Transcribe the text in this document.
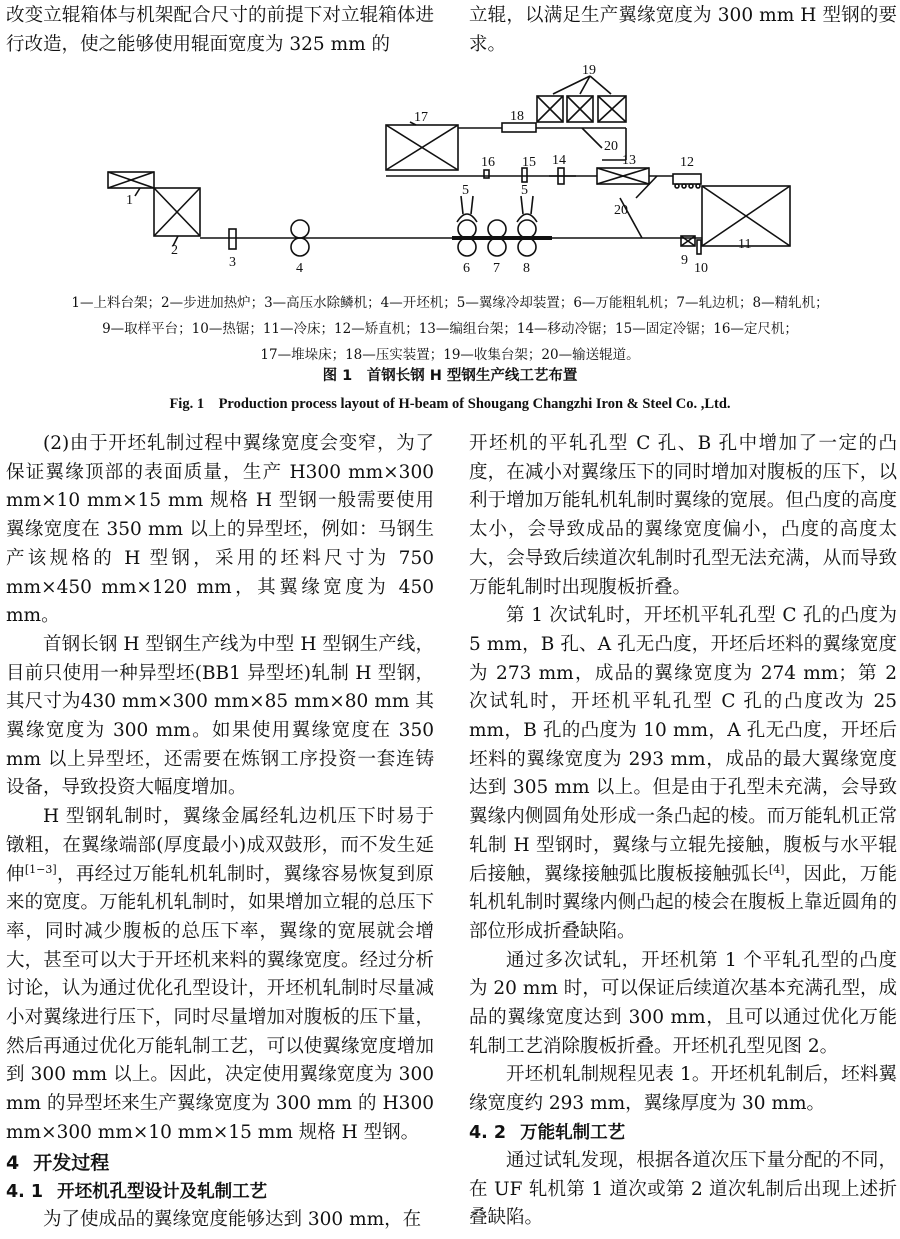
改变立辊箱体与机架配合尺寸的前提下对立辊箱体进行改造，使之能够使用辊面宽度为 325 mm 的

立辊，以满足生产翼缘宽度为 300 mm H 型钢的要求。

1
2
3	4	6 7 8
5	5
15
16	14	13	12
20
20
11
9
10
17	18
19
1—上料台架；2—步进加热炉；3—高压水除鳞机；4—开坯机；5—翼缘冷却装置；6—万能粗轧机；7—轧边机；8—精轧机；
9—取样平台；10—热锯；11—冷床；12—矫直机；13—编组台架；14—移动冷锯；15—固定冷锯；16—定尺机；
17—堆垛床；18—压实装置；19—收集台架；20—输送辊道。
图 1　首钢长钢 H 型钢生产线工艺布置
Fig. 1　Production process layout of H-beam of Shougang Changzhi Iron & Steel Co. ,Ltd.

(2)由于开坯轧制过程中翼缘宽度会变窄，为了保证翼缘顶部的表面质量，生产 H300 mm×300 mm×10 mm×15 mm 规格 H 型钢一般需要使用翼缘宽度在 350 mm 以上的异型坯，例如：马钢生产该规格的 H 型钢，采用的坯料尺寸为 750 mm×450 mm×120 mm，其翼缘宽度为 450 mm。

首钢长钢 H 型钢生产线为中型 H 型钢生产线，目前只使用一种异型坯(BB1 异型坯)轧制 H 型钢，其尺寸为430 mm×300 mm×85 mm×80 mm 其翼缘宽度为 300 mm。如果使用翼缘宽度在 350 mm 以上异型坯，还需要在炼钢工序投资一套连铸设备，导致投资大幅度增加。

H 型钢轧制时，翼缘金属经轧边机压下时易于镦粗，在翼缘端部(厚度最小)成双鼓形，而不发生延伸[1−3]，再经过万能轧机轧制时，翼缘容易恢复到原来的宽度。万能轧机轧制时，如果增加立辊的总压下率，同时减少腹板的总压下率，翼缘的宽展就会增大，甚至可以大于开坯机来料的翼缘宽度。经过分析讨论，认为通过优化孔型设计，开坯机轧制时尽量减小对翼缘进行压下，同时尽量增加对腹板的压下量，然后再通过优化万能轧制工艺，可以使翼缘宽度增加到 300 mm 以上。因此，决定使用翼缘宽度为 300 mm 的异型坯来生产翼缘宽度为 300 mm 的 H300 mm×300 mm×10 mm×15 mm 规格 H 型钢。

4 开发过程
4. 1 开坯机孔型设计及轧制工艺

为了使成品的翼缘宽度能够达到 300 mm，在

开坯机的平轧孔型 C 孔、B 孔中增加了一定的凸度，在减小对翼缘压下的同时增加对腹板的压下，以利于增加万能轧机轧制时翼缘的宽展。但凸度的高度太小，会导致成品的翼缘宽度偏小，凸度的高度太大，会导致后续道次轧制时孔型无法充满，从而导致万能轧制时出现腹板折叠。

第 1 次试轧时，开坯机平轧孔型 C 孔的凸度为 5 mm，B 孔、A 孔无凸度，开坯后坯料的翼缘宽度为 273 mm，成品的翼缘宽度为 274 mm；第 2 次试轧时，开坯机平轧孔型 C 孔的凸度改为 25 mm，B 孔的凸度为 10 mm，A 孔无凸度，开坯后坯料的翼缘宽度为 293 mm，成品的最大翼缘宽度达到 305 mm 以上。但是由于孔型未充满，会导致翼缘内侧圆角处形成一条凸起的棱。而万能轧机正常轧制 H 型钢时，翼缘与立辊先接触，腹板与水平辊后接触，翼缘接触弧比腹板接触弧长[4]，因此，万能轧机轧制时翼缘内侧凸起的棱会在腹板上靠近圆角的部位形成折叠缺陷。

通过多次试轧，开坯机第 1 个平轧孔型的凸度为 20 mm 时，可以保证后续道次基本充满孔型，成品的翼缘宽度达到 300 mm，且可以通过优化万能轧制工艺消除腹板折叠。开坯机孔型见图 2。

开坯机轧制规程见表 1。开坯机轧制后，坯料翼缘宽度约 293 mm，翼缘厚度为 30 mm。

4. 2 万能轧制工艺

通过试轧发现，根据各道次压下量分配的不同，在 UF 轧机第 1 道次或第 2 道次轧制后出现上述折叠缺陷。
